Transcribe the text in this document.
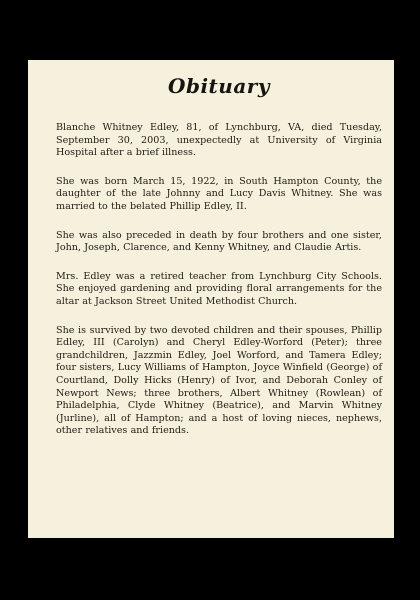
Obituary

Blanche Whitney Edley, 81, of Lynchburg, VA, died Tuesday, September 30, 2003, unexpectedly at University of Virginia Hospital after a brief illness.

She was born March 15, 1922, in South Hampton County, the daughter of the late Johnny and Lucy Davis Whitney. She was married to the belated Phillip Edley, II.

She was also preceded in death by four brothers and one sister, John, Joseph, Clarence, and Kenny Whitney, and Claudie Artis.

Mrs. Edley was a retired teacher from Lynchburg City Schools. She enjoyed gardening and providing floral arrangements for the altar at Jackson Street United Methodist Church.

She is survived by two devoted children and their spouses, Phillip Edley, III (Carolyn) and Cheryl Edley-Worford (Peter); three grandchildren, Jazzmin Edley, Joel Worford, and Tamera Edley; four sisters, Lucy Williams of Hampton, Joyce Winfield (George) of Courtland, Dolly Hicks (Henry) of Ivor, and Deborah Conley of Newport News; three brothers, Albert Whitney (Rowlean) of Philadelphia, Clyde Whitney (Beatrice), and Marvin Whitney (Jurline), all of Hampton; and a host of loving nieces, nephews, other relatives and friends.
